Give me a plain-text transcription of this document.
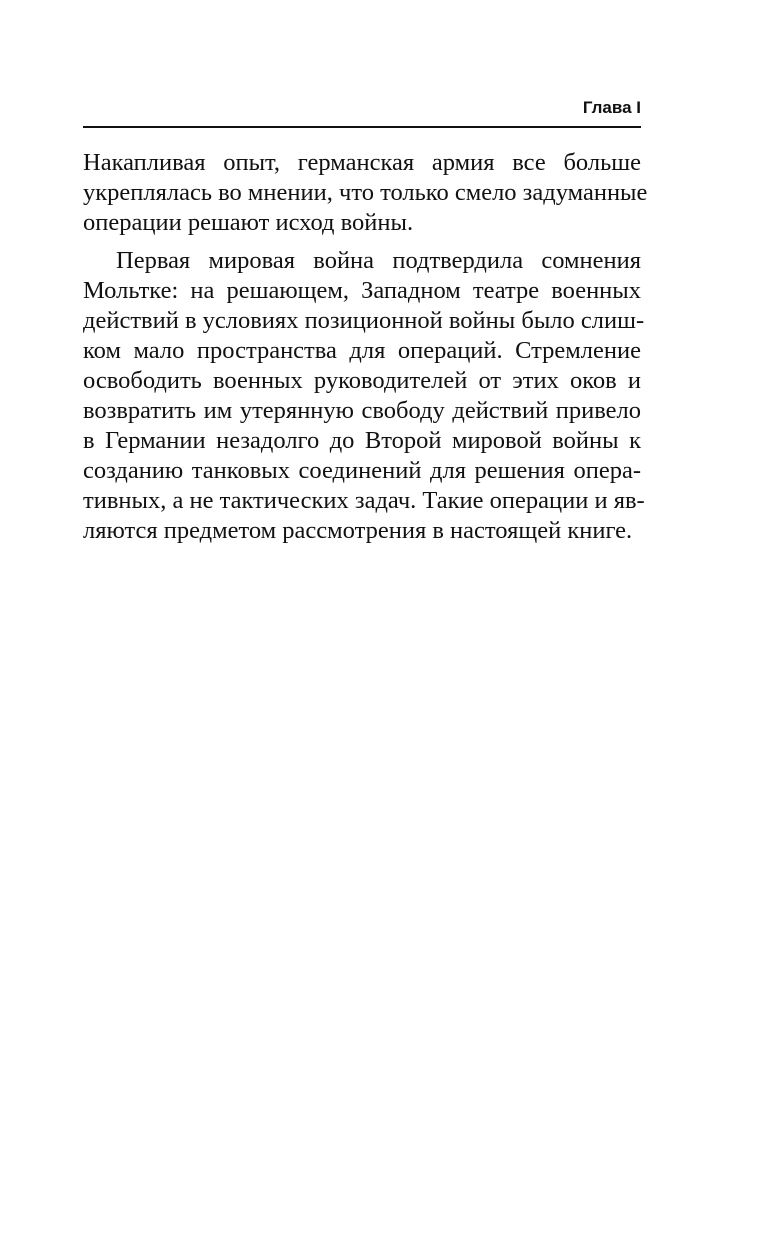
Глава I
Накапливая опыт, германская армия все больше
укреплялась во мнении, что только смело задуманные
операции решают исход войны.
Первая мировая война подтвердила сомнения
Мольтке: на решающем, Западном театре военных
действий в условиях позиционной войны было слиш-
ком мало пространства для операций. Стремление
освободить военных руководителей от этих оков и
возвратить им утерянную свободу действий привело
в Германии незадолго до Второй мировой войны к
созданию танковых соединений для решения опера-
тивных, а не тактических задач. Такие операции и яв-
ляются предметом рассмотрения в настоящей книге.
